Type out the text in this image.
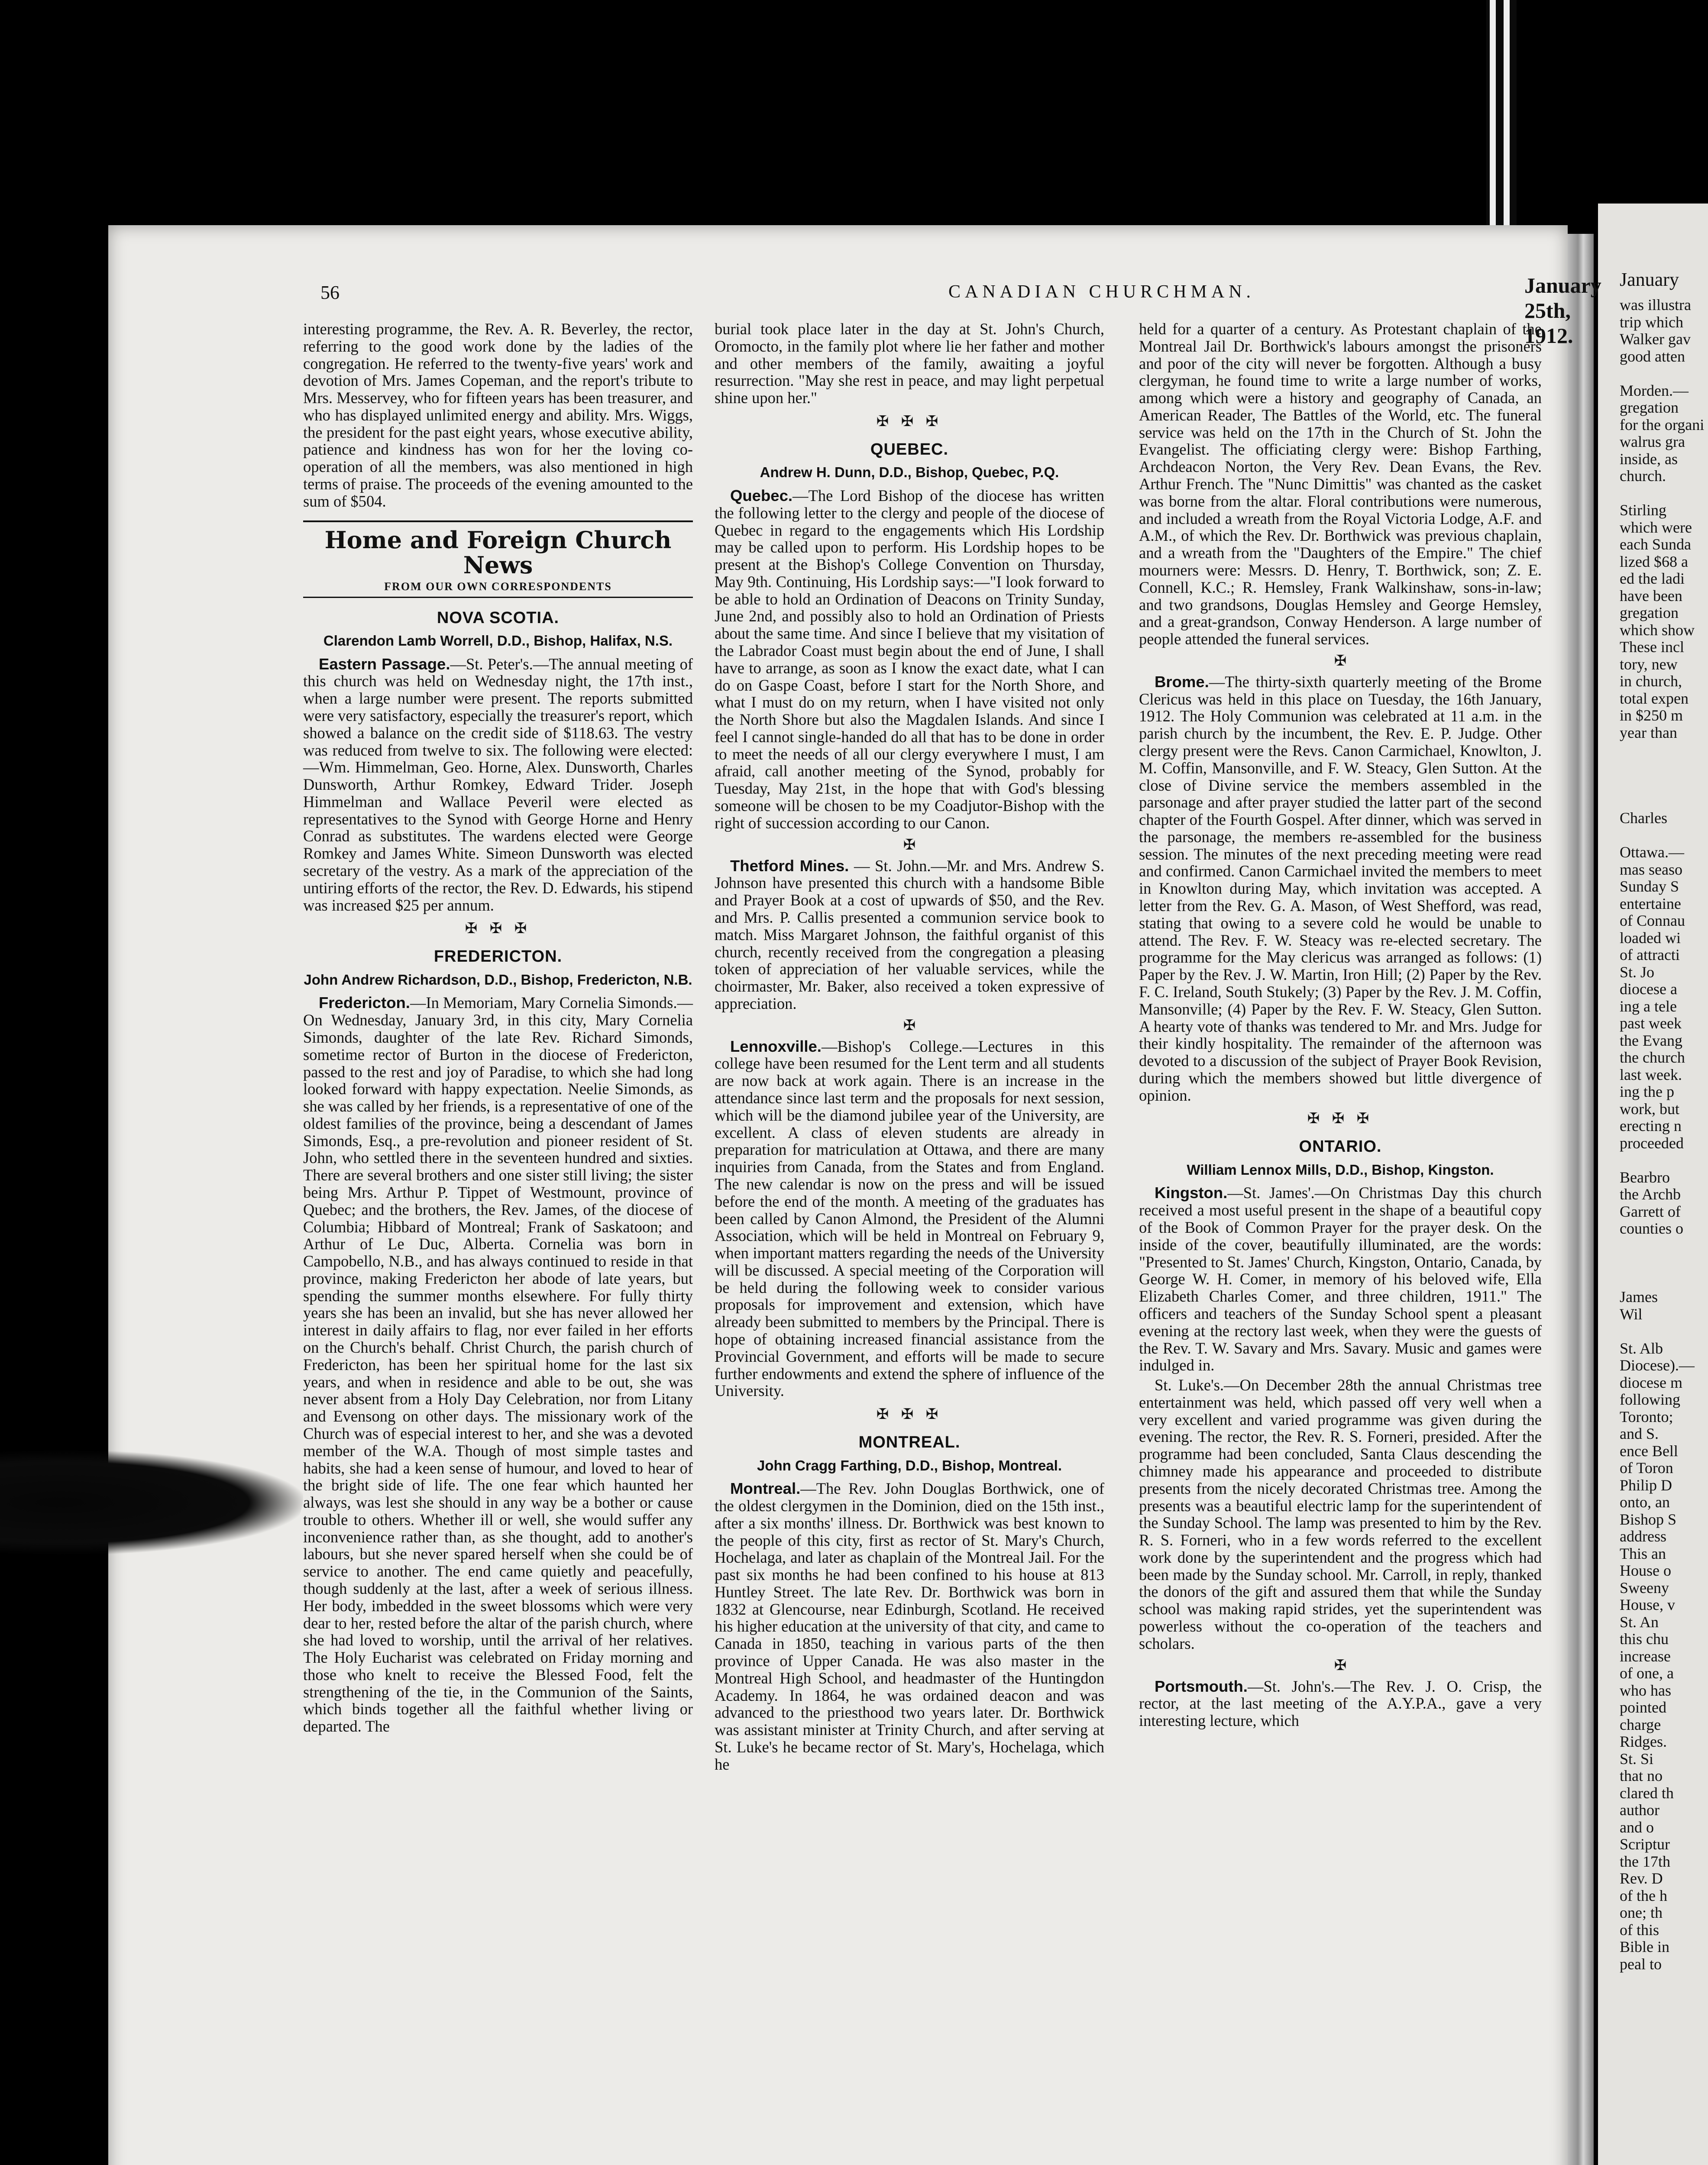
January
was illustra
trip which
Walker gav
good atten
Morden.—
gregation
for the organi
walrus gra
inside, as
church.
Stirling
which were
each Sunda
lized $68 a
ed the ladi
have been
gregation
which show
These incl
tory, new
in church,
total expen
in $250 m
year than
Charles
Ottawa.—
mas seaso
Sunday S
entertaine
of Connau
loaded wi
of attracti
St. Jo
diocese a
ing a tele
past week
the Evang
the church
last week.
ing the p
work, but
erecting n
proceeded
Bearbro
the Archb
Garrett of
counties o
James
Wil
St. Alb
Diocese).—
diocese m
following
Toronto;
and S.
ence Bell
of Toron
Philip D
onto, an
Bishop S
address
This an
House o
Sweeny
House, v
St. An
this chu
increase
of one, a
who has
pointed
charge
Ridges.
St. Si
that no
clared th
author
and o
Scriptur
the 17th
Rev. D
of the h
one; th
of this
Bible in
peal to
56	CANADIAN CHURCHMAN.	January 25th, 1912.

interesting programme, the Rev. A. R. Beverley, the rector, referring to the good work done by the ladies of the congregation. He referred to the twenty-five years' work and devotion of Mrs. James Copeman, and the report's tribute to Mrs. Messervey, who for fifteen years has been treasurer, and who has displayed unlimited energy and ability. Mrs. Wiggs, the president for the past eight years, whose executive ability, patience and kindness has won for her the loving co-operation of all the members, was also mentioned in high terms of praise. The proceeds of the evening amounted to the sum of $504.

Home and Foreign Church News
FROM OUR OWN CORRESPONDENTS
NOVA SCOTIA.
Clarendon Lamb Worrell, D.D., Bishop, Halifax, N.S.

Eastern Passage.—St. Peter's.—The annual meeting of this church was held on Wednesday night, the 17th inst., when a large number were present. The reports submitted were very satisfactory, especially the treasurer's report, which showed a balance on the credit side of $118.63. The vestry was reduced from twelve to six. The following were elected:—Wm. Himmelman, Geo. Horne, Alex. Dunsworth, Charles Dunsworth, Arthur Romkey, Edward Trider. Joseph Himmelman and Wallace Peveril were elected as representatives to the Synod with George Horne and Henry Conrad as substitutes. The wardens elected were George Romkey and James White. Simeon Dunsworth was elected secretary of the vestry. As a mark of the appreciation of the untiring efforts of the rector, the Rev. D. Edwards, his stipend was increased $25 per annum.

✠ ✠ ✠
FREDERICTON.
John Andrew Richardson, D.D., Bishop, Fredericton, N.B.

Fredericton.—In Memoriam, Mary Cornelia Simonds.—On Wednesday, January 3rd, in this city, Mary Cornelia Simonds, daughter of the late Rev. Richard Simonds, sometime rector of Burton in the diocese of Fredericton, passed to the rest and joy of Paradise, to which she had long looked forward with happy expectation. Neelie Simonds, as she was called by her friends, is a representative of one of the oldest families of the province, being a descendant of James Simonds, Esq., a pre-revolution and pioneer resident of St. John, who settled there in the seventeen hundred and sixties. There are several brothers and one sister still living; the sister being Mrs. Arthur P. Tippet of Westmount, province of Quebec; and the brothers, the Rev. James, of the diocese of Columbia; Hibbard of Montreal; Frank of Saskatoon; and Arthur of Le Duc, Alberta. Cornelia was born in Campobello, N.B., and has always continued to reside in that province, making Fredericton her abode of late years, but spending the summer months elsewhere. For fully thirty years she has been an invalid, but she has never allowed her interest in daily affairs to flag, nor ever failed in her efforts on the Church's behalf. Christ Church, the parish church of Fredericton, has been her spiritual home for the last six years, and when in residence and able to be out, she was never absent from a Holy Day Celebration, nor from Litany and Evensong on other days. The missionary work of the Church was of especial interest to her, and she was a devoted member of the W.A. Though of most simple tastes and habits, she had a keen sense of humour, and loved to hear of the bright side of life. The one fear which haunted her always, was lest she should in any way be a bother or cause trouble to others. Whether ill or well, she would suffer any inconvenience rather than, as she thought, add to another's labours, but she never spared herself when she could be of service to another. The end came quietly and peacefully, though suddenly at the last, after a week of serious illness. Her body, imbedded in the sweet blossoms which were very dear to her, rested before the altar of the parish church, where she had loved to worship, until the arrival of her relatives. The Holy Eucharist was celebrated on Friday morning and those who knelt to receive the Blessed Food, felt the strengthening of the tie, in the Communion of the Saints, which binds together all the faithful whether living or departed. The

burial took place later in the day at St. John's Church, Oromocto, in the family plot where lie her father and mother and other members of the family, awaiting a joyful resurrection. "May she rest in peace, and may light perpetual shine upon her."

✠ ✠ ✠
QUEBEC.
Andrew H. Dunn, D.D., Bishop, Quebec, P.Q.

Quebec.—The Lord Bishop of the diocese has written the following letter to the clergy and people of the diocese of Quebec in regard to the engagements which His Lordship may be called upon to perform. His Lordship hopes to be present at the Bishop's College Convention on Thursday, May 9th. Continuing, His Lordship says:—"I look forward to be able to hold an Ordination of Deacons on Trinity Sunday, June 2nd, and possibly also to hold an Ordination of Priests about the same time. And since I believe that my visitation of the Labrador Coast must begin about the end of June, I shall have to arrange, as soon as I know the exact date, what I can do on Gaspe Coast, before I start for the North Shore, and what I must do on my return, when I have visited not only the North Shore but also the Magdalen Islands. And since I feel I cannot single-handed do all that has to be done in order to meet the needs of all our clergy everywhere I must, I am afraid, call another meeting of the Synod, probably for Tuesday, May 21st, in the hope that with God's blessing someone will be chosen to be my Coadjutor-Bishop with the right of succession according to our Canon.

✠

Thetford Mines. — St. John.—Mr. and Mrs. Andrew S. Johnson have presented this church with a handsome Bible and Prayer Book at a cost of upwards of $50, and the Rev. and Mrs. P. Callis presented a communion service book to match. Miss Margaret Johnson, the faithful organist of this church, recently received from the congregation a pleasing token of appreciation of her valuable services, while the choirmaster, Mr. Baker, also received a token expressive of appreciation.

✠

Lennoxville.—Bishop's College.—Lectures in this college have been resumed for the Lent term and all students are now back at work again. There is an increase in the attendance since last term and the proposals for next session, which will be the diamond jubilee year of the University, are excellent. A class of eleven students are already in preparation for matriculation at Ottawa, and there are many inquiries from Canada, from the States and from England. The new calendar is now on the press and will be issued before the end of the month. A meeting of the graduates has been called by Canon Almond, the President of the Alumni Association, which will be held in Montreal on February 9, when important matters regarding the needs of the University will be discussed. A special meeting of the Corporation will be held during the following week to consider various proposals for improvement and extension, which have already been submitted to members by the Principal. There is hope of obtaining increased financial assistance from the Provincial Government, and efforts will be made to secure further endowments and extend the sphere of influence of the University.

✠ ✠ ✠
MONTREAL.
John Cragg Farthing, D.D., Bishop, Montreal.

Montreal.—The Rev. John Douglas Borthwick, one of the oldest clergymen in the Dominion, died on the 15th inst., after a six months' illness. Dr. Borthwick was best known to the people of this city, first as rector of St. Mary's Church, Hochelaga, and later as chaplain of the Montreal Jail. For the past six months he had been confined to his house at 813 Huntley Street. The late Rev. Dr. Borthwick was born in 1832 at Glencourse, near Edinburgh, Scotland. He received his higher education at the university of that city, and came to Canada in 1850, teaching in various parts of the then province of Upper Canada. He was also master in the Montreal High School, and headmaster of the Huntingdon Academy. In 1864, he was ordained deacon and was advanced to the priesthood two years later. Dr. Borthwick was assistant minister at Trinity Church, and after serving at St. Luke's he became rector of St. Mary's, Hochelaga, which he

held for a quarter of a century. As Protestant chaplain of the Montreal Jail Dr. Borthwick's labours amongst the prisoners and poor of the city will never be forgotten. Although a busy clergyman, he found time to write a large number of works, among which were a history and geography of Canada, an American Reader, The Battles of the World, etc. The funeral service was held on the 17th in the Church of St. John the Evangelist. The officiating clergy were: Bishop Farthing, Archdeacon Norton, the Very Rev. Dean Evans, the Rev. Arthur French. The "Nunc Dimittis" was chanted as the casket was borne from the altar. Floral contributions were numerous, and included a wreath from the Royal Victoria Lodge, A.F. and A.M., of which the Rev. Dr. Borthwick was previous chaplain, and a wreath from the "Daughters of the Empire." The chief mourners were: Messrs. D. Henry, T. Borthwick, son; Z. E. Connell, K.C.; R. Hemsley, Frank Walkinshaw, sons-in-law; and two grandsons, Douglas Hemsley and George Hemsley, and a great-grandson, Conway Henderson. A large number of people attended the funeral services.

✠

Brome.—The thirty-sixth quarterly meeting of the Brome Clericus was held in this place on Tuesday, the 16th January, 1912. The Holy Communion was celebrated at 11 a.m. in the parish church by the incumbent, the Rev. E. P. Judge. Other clergy present were the Revs. Canon Carmichael, Knowlton, J. M. Coffin, Mansonville, and F. W. Steacy, Glen Sutton. At the close of Divine service the members assembled in the parsonage and after prayer studied the latter part of the second chapter of the Fourth Gospel. After dinner, which was served in the parsonage, the members re-assembled for the business session. The minutes of the next preceding meeting were read and confirmed. Canon Carmichael invited the members to meet in Knowlton during May, which invitation was accepted. A letter from the Rev. G. A. Mason, of West Shefford, was read, stating that owing to a severe cold he would be unable to attend. The Rev. F. W. Steacy was re-elected secretary. The programme for the May clericus was arranged as follows: (1) Paper by the Rev. J. W. Martin, Iron Hill; (2) Paper by the Rev. F. C. Ireland, South Stukely; (3) Paper by the Rev. J. M. Coffin, Mansonville; (4) Paper by the Rev. F. W. Steacy, Glen Sutton. A hearty vote of thanks was tendered to Mr. and Mrs. Judge for their kindly hospitality. The remainder of the afternoon was devoted to a discussion of the subject of Prayer Book Revision, during which the members showed but little divergence of opinion.

✠ ✠ ✠
ONTARIO.
William Lennox Mills, D.D., Bishop, Kingston.

Kingston.—St. James'.—On Christmas Day this church received a most useful present in the shape of a beautiful copy of the Book of Common Prayer for the prayer desk. On the inside of the cover, beautifully illuminated, are the words: "Presented to St. James' Church, Kingston, Ontario, Canada, by George W. H. Comer, in memory of his beloved wife, Ella Elizabeth Charles Comer, and three children, 1911." The officers and teachers of the Sunday School spent a pleasant evening at the rectory last week, when they were the guests of the Rev. T. W. Savary and Mrs. Savary. Music and games were indulged in.

St. Luke's.—On December 28th the annual Christmas tree entertainment was held, which passed off very well when a very excellent and varied programme was given during the evening. The rector, the Rev. R. S. Forneri, presided. After the programme had been concluded, Santa Claus descending the chimney made his appearance and proceeded to distribute presents from the nicely decorated Christmas tree. Among the presents was a beautiful electric lamp for the superintendent of the Sunday School. The lamp was presented to him by the Rev. R. S. Forneri, who in a few words referred to the excellent work done by the superintendent and the progress which had been made by the Sunday school. Mr. Carroll, in reply, thanked the donors of the gift and assured them that while the Sunday school was making rapid strides, yet the superintendent was powerless without the co-operation of the teachers and scholars.

✠

Portsmouth.—St. John's.—The Rev. J. O. Crisp, the rector, at the last meeting of the A.Y.P.A., gave a very interesting lecture, which
